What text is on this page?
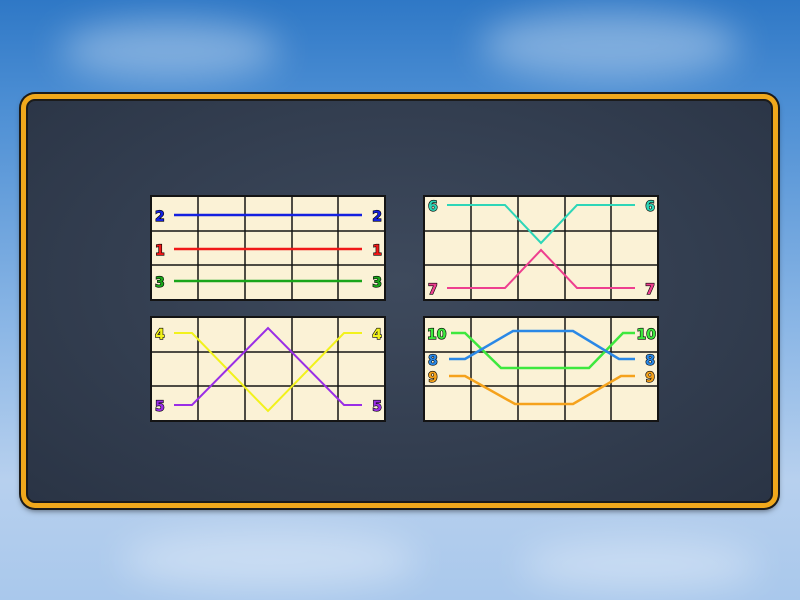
2
1
3
2
1
3
6
7
6
7
4
5
4
5
10
8
9
10
8
9
